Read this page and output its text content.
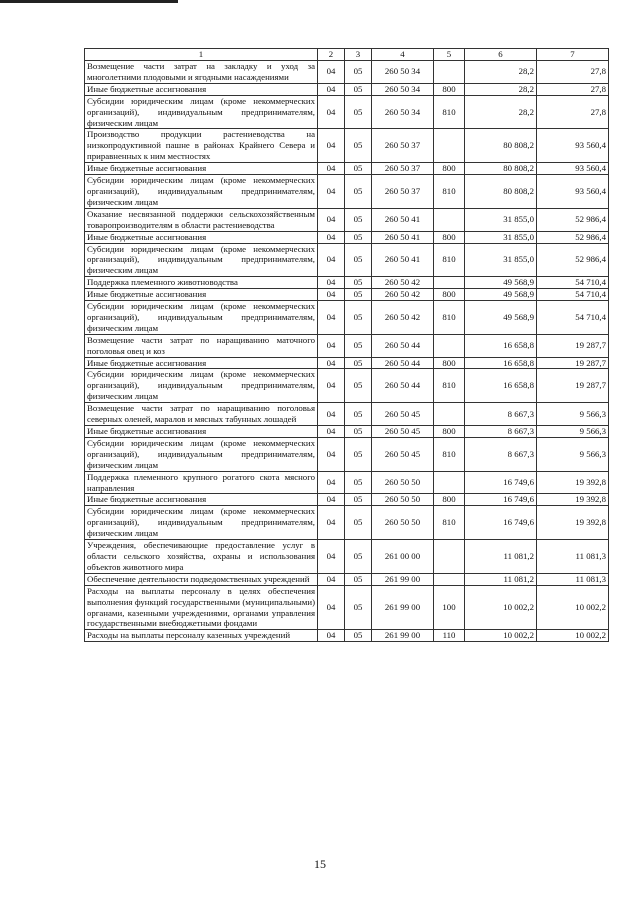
1	2	3	4	5	6	7
Возмещение части затрат на закладку и уход за многолетними плодовыми и ягодными насаждениями	04	05	260 50 34		28,2	27,8
Иные бюджетные ассигнования	04	05	260 50 34	800	28,2	27,8
Субсидии юридическим лицам (кроме некоммерческих организаций), индивидуальным предпринимателям, физическим лицам	04	05	260 50 34	810	28,2	27,8
Производство продукции растениеводства на низкопродуктивной пашне в районах Крайнего Севера и приравненных к ним местностях	04	05	260 50 37		80 808,2	93 560,4
Иные бюджетные ассигнования	04	05	260 50 37	800	80 808,2	93 560,4
Субсидии юридическим лицам (кроме некоммерческих организаций), индивидуальным предпринимателям, физическим лицам	04	05	260 50 37	810	80 808,2	93 560,4
Оказание несвязанной поддержки сельскохозяйственным товаропроизводителям в области растениеводства	04	05	260 50 41		31 855,0	52 986,4
Иные бюджетные ассигнования	04	05	260 50 41	800	31 855,0	52 986,4
Субсидии юридическим лицам (кроме некоммерческих организаций), индивидуальным предпринимателям, физическим лицам	04	05	260 50 41	810	31 855,0	52 986,4
Поддержка племенного животноводства	04	05	260 50 42		49 568,9	54 710,4
Иные бюджетные ассигнования	04	05	260 50 42	800	49 568,9	54 710,4
Субсидии юридическим лицам (кроме некоммерческих организаций), индивидуальным предпринимателям, физическим лицам	04	05	260 50 42	810	49 568,9	54 710,4
Возмещение части затрат по наращиванию маточного поголовья овец и коз	04	05	260 50 44		16 658,8	19 287,7
Иные бюджетные ассигнования	04	05	260 50 44	800	16 658,8	19 287,7
Субсидии юридическим лицам (кроме некоммерческих организаций), индивидуальным предпринимателям, физическим лицам	04	05	260 50 44	810	16 658,8	19 287,7
Возмещение части затрат по наращиванию поголовья северных оленей, маралов и мясных табунных лошадей	04	05	260 50 45		8 667,3	9 566,3
Иные бюджетные ассигнования	04	05	260 50 45	800	8 667,3	9 566,3
Субсидии юридическим лицам (кроме некоммерческих организаций), индивидуальным предпринимателям, физическим лицам	04	05	260 50 45	810	8 667,3	9 566,3
Поддержка племенного крупного рогатого скота мясного направления	04	05	260 50 50		16 749,6	19 392,8
Иные бюджетные ассигнования	04	05	260 50 50	800	16 749,6	19 392,8
Субсидии юридическим лицам (кроме некоммерческих организаций), индивидуальным предпринимателям, физическим лицам	04	05	260 50 50	810	16 749,6	19 392,8
Учреждения, обеспечивающие предоставление услуг в области сельского хозяйства, охраны и использования объектов животного мира	04	05	261 00 00		11 081,2	11 081,3
Обеспечение деятельности подведомственных учреждений	04	05	261 99 00		11 081,2	11 081,3
Расходы на выплаты персоналу в целях обеспечения выполнения функций государственными (муниципальными) органами, казенными учреждениями, органами управления государственными внебюджетными фондами	04	05	261 99 00	100	10 002,2	10 002,2
Расходы на выплаты персоналу казенных учреждений	04	05	261 99 00	110	10 002,2	10 002,2
15
